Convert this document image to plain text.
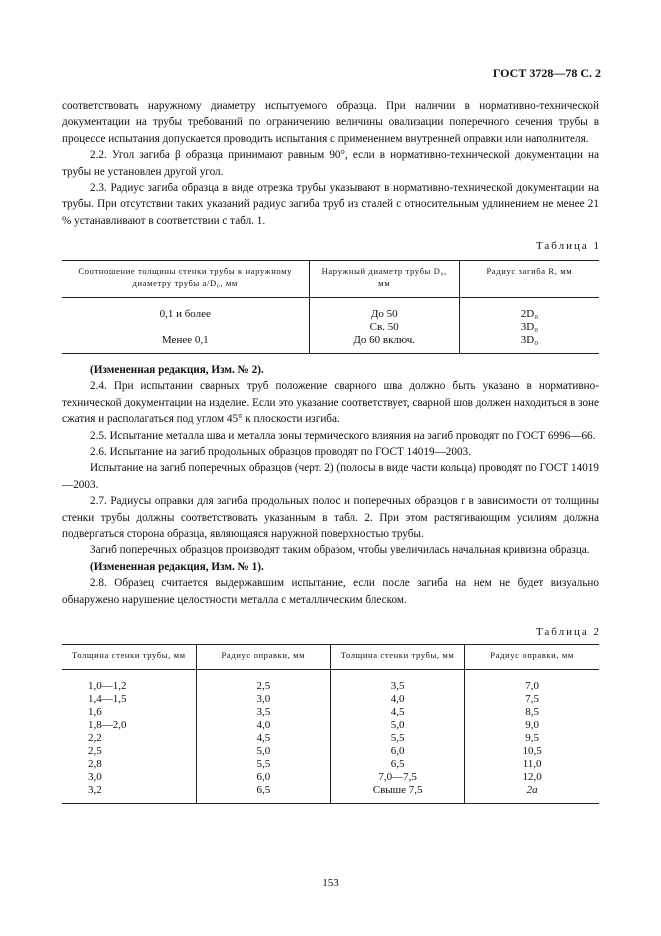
ГОСТ 3728—78 С. 2

соответствовать наружному диаметру испытуемого образца. При наличии в нормативно-технической документации на трубы требований по ограничению величины овализации поперечного сечения трубы в процессе испытания допускается проводить испытания с применением внутренней оправки или наполнителя.

2.2. Угол загиба β образца принимают равным 90°, если в нормативно-технической документации на трубы не установлен другой угол.

2.3. Радиус загиба образца в виде отрезка трубы указывают в нормативно-технической документации на трубы. При отсутствии таких указаний радиус загиба труб из сталей с относительным удлинением не менее 21 % устанавливают в соответствии с табл. 1.

Таблица 1
Соотношение толщины стенки трубы к наружному диаметру трубы a/D₀, мм	Наружный диаметр трубы D₀, мм	Радиус загиба R, мм
0,1 и более	До 50	2D₀
	Св. 50	3D₀
Менее 0,1	До 60 включ.	3D₀

(Измененная редакция, Изм. № 2).

2.4. При испытании сварных труб положение сварного шва должно быть указано в нормативно-технической документации на изделие. Если это указание соответствует, сварной шов должен находиться в зоне сжатия и располагаться под углом 45° к плоскости изгиба.

2.5. Испытание металла шва и металла зоны термического влияния на загиб проводят по ГОСТ 6996—66.

2.6. Испытание на загиб продольных образцов проводят по ГОСТ 14019—2003.

Испытание на загиб поперечных образцов (черт. 2) (полосы в виде части кольца) проводят по ГОСТ 14019—2003.

2.7. Радиусы оправки для загиба продольных полос и поперечных образцов r в зависимости от толщины стенки трубы должны соответствовать указанным в табл. 2. При этом растягивающим усилиям должна подвергаться сторона образца, являющаяся наружной поверхностью трубы.

Загиб поперечных образцов производят таким образом, чтобы увеличилась начальная кривизна образца.

(Измененная редакция, Изм. № 1).

2.8. Образец считается выдержавшим испытание, если после загиба на нем не будет визуально обнаружено нарушение целостности металла с металлическим блеском.

Таблица 2
Толщина стенки трубы, мм	Радиус оправки, мм	Толщина стенки трубы, мм	Радиус оправки, мм
1,0—1,2	2,5	3,5	7,0
1,4—1,5	3,0	4,0	7,5
1,6	3,5	4,5	8,5
1,8—2,0	4,0	5,0	9,0
2,2	4,5	5,5	9,5
2,5	5,0	6,0	10,5
2,8	5,5	6,5	11,0
3,0	6,0	7,0—7,5	12,0
3,2	6,5	Свыше 7,5	2a
153
